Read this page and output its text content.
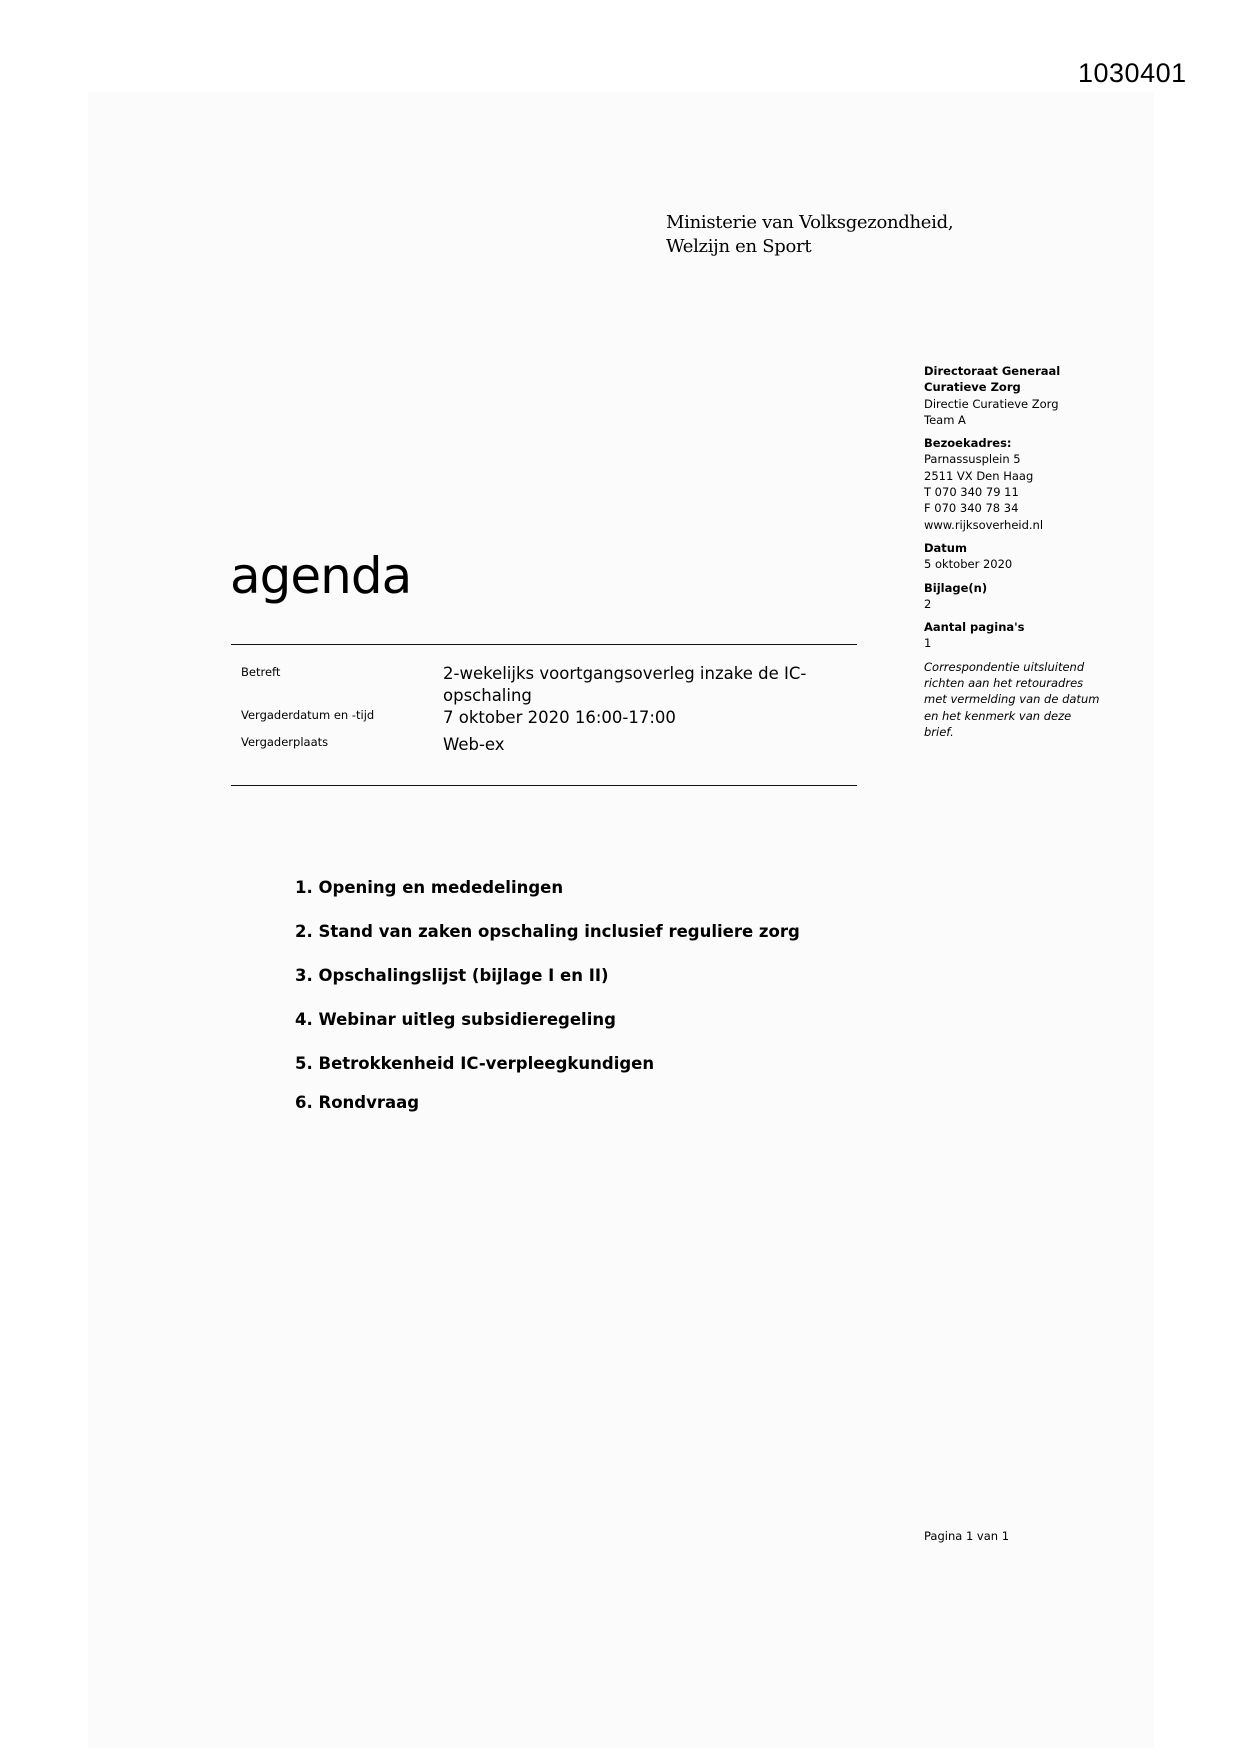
1030401
Ministerie van Volksgezondheid,
Welzijn en Sport
Directoraat Generaal
Curatieve Zorg
Directie Curatieve Zorg
Team A
Bezoekadres:
Parnassusplein 5
2511 VX Den Haag
T 070 340 79 11
F 070 340 78 34
www.rijksoverheid.nl
Datum
5 oktober 2020
Bijlage(n)
2
Aantal pagina's
1
Correspondentie uitsluitend
richten aan het retouradres
met vermelding van de datum
en het kenmerk van deze
brief.
agenda
Betreft	2-wekelijks voortgangsoverleg inzake de IC-opschaling
Vergaderdatum en -tijd	7 oktober 2020 16:00-17:00
Vergaderplaats	Web-ex
1. Opening en mededelingen
2. Stand van zaken opschaling inclusief reguliere zorg
3. Opschalingslijst (bijlage I en II)
4. Webinar uitleg subsidieregeling
5. Betrokkenheid IC-verpleegkundigen
6. Rondvraag
Pagina 1 van 1
